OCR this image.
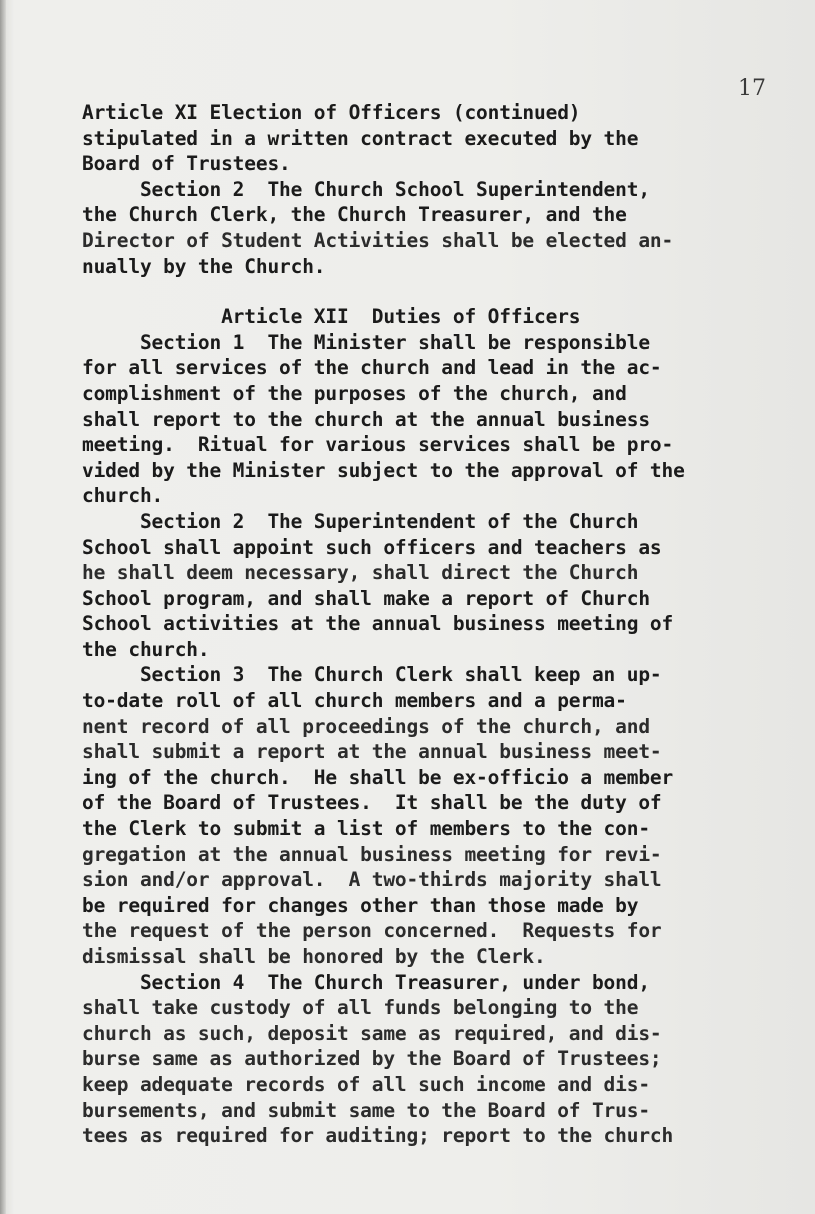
17
Article XI Election of Officers (continued)
stipulated in a written contract executed by the
Board of Trustees.
Section 2  The Church School Superintendent,
the Church Clerk, the Church Treasurer, and the
Director of Student Activities shall be elected an-
nually by the Church.
Article XII  Duties of Officers
Section 1  The Minister shall be responsible
for all services of the church and lead in the ac-
complishment of the purposes of the church, and
shall report to the church at the annual business
meeting.  Ritual for various services shall be pro-
vided by the Minister subject to the approval of the
church.
Section 2  The Superintendent of the Church
School shall appoint such officers and teachers as
he shall deem necessary, shall direct the Church
School program, and shall make a report of Church
School activities at the annual business meeting of
the church.
Section 3  The Church Clerk shall keep an up-
to-date roll of all church members and a perma-
nent record of all proceedings of the church, and
shall submit a report at the annual business meet-
ing of the church.  He shall be ex-officio a member
of the Board of Trustees.  It shall be the duty of
the Clerk to submit a list of members to the con-
gregation at the annual business meeting for revi-
sion and/or approval.  A two-thirds majority shall
be required for changes other than those made by
the request of the person concerned.  Requests for
dismissal shall be honored by the Clerk.
Section 4  The Church Treasurer, under bond,
shall take custody of all funds belonging to the
church as such, deposit same as required, and dis-
burse same as authorized by the Board of Trustees;
keep adequate records of all such income and dis-
bursements, and submit same to the Board of Trus-
tees as required for auditing; report to the church
